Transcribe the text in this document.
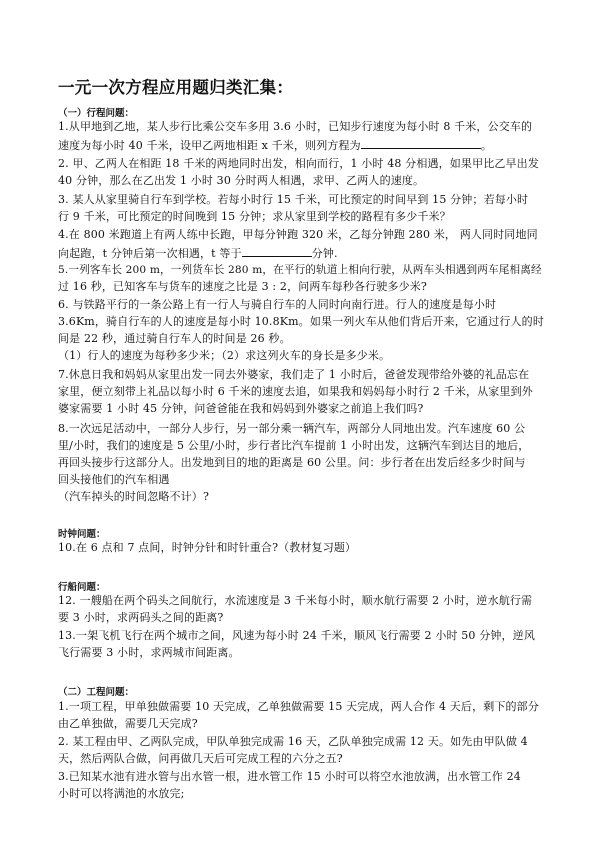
一元一次方程应用题归类汇集：

（一）行程问题：

1.从甲地到乙地，某人步行比乘公交车多用 3.6 小时，已知步行速度为每小时 8 千米，公交车的

速度为每小时 40 千米，设甲乙两地相距 x 千米，则列方程为	。

2. 甲、乙两人在相距 18 千米的两地同时出发，相向而行，1 小时 48 分相遇，如果甲比乙早出发

40 分钟，那么在乙出发 1 小时 30 分时两人相遇，求甲、乙两人的速度。

3. 某人从家里骑自行车到学校。若每小时行 15 千米，可比预定的时间早到 15 分钟；若每小时

行 9 千米，可比预定的时间晚到 15 分钟；求从家里到学校的路程有多少千米？

4.在 800 米跑道上有两人练中长跑，甲每分钟跑 320 米，乙每分钟跑 280 米， 两人同时同地同

向起跑，t 分钟后第一次相遇，t 等于	分钟.

5.一列客车长 200 m，一列货车长 280 m，在平行的轨道上相向行驶，从两车头相遇到两车尾相离经

过 16 秒，已知客车与货车的速度之比是 3 : 2，问两车每秒各行驶多少米?

6. 与铁路平行的一条公路上有一行人与骑自行车的人同时向南行进。行人的速度是每小时

3.6Km，骑自行车的人的速度是每小时 10.8Km。如果一列火车从他们背后开来，它通过行人的时

间是 22 秒，通过骑自行车人的时间是 26 秒。

（1）行人的速度为每秒多少米；（2）求这列火车的身长是多少米。

7.休息日我和妈妈从家里出发一同去外婆家，我们走了 1 小时后，爸爸发现带给外婆的礼品忘在

家里，便立刻带上礼品以每小时 6 千米的速度去追，如果我和妈妈每小时行 2 千米，从家里到外

婆家需要 1 小时 45 分钟，问爸爸能在我和妈妈到外婆家之前追上我们吗?

8.一次远足活动中，一部分人步行，另一部分乘一辆汽车，两部分人同地出发。汽车速度 60 公

里/小时，我们的速度是 5 公里/小时，步行者比汽车提前 1 小时出发，这辆汽车到达目的地后，

再回头接步行这部分人。出发地到目的地的距离是 60 公里。问：步行者在出发后经多少时间与

回头接他们的汽车相遇

（汽车掉头的时间忽略不计）?

时钟问题：

10.在 6 点和 7 点间，时钟分针和时针重合?（教材复习题）

行船问题：

12. 一艘船在两个码头之间航行，水流速度是 3 千米每小时，顺水航行需要 2 小时，逆水航行需

要 3 小时，求两码头之间的距离?

13.一架飞机飞行在两个城市之间，风速为每小时 24 千米，顺风飞行需要 2 小时 50 分钟，逆风

飞行需要 3 小时，求两城市间距离。

（二）工程问题：

1.一项工程，甲单独做需要 10 天完成，乙单独做需要 15 天完成，两人合作 4 天后，剩下的部分

由乙单独做，需要几天完成?

2. 某工程由甲、乙两队完成，甲队单独完成需 16 天，乙队单独完成需 12 天。如先由甲队做 4

天，然后两队合做，问再做几天后可完成工程的六分之五?

3.已知某水池有进水管与出水管一根，进水管工作 15 小时可以将空水池放满，出水管工作 24

小时可以将满池的水放完;
